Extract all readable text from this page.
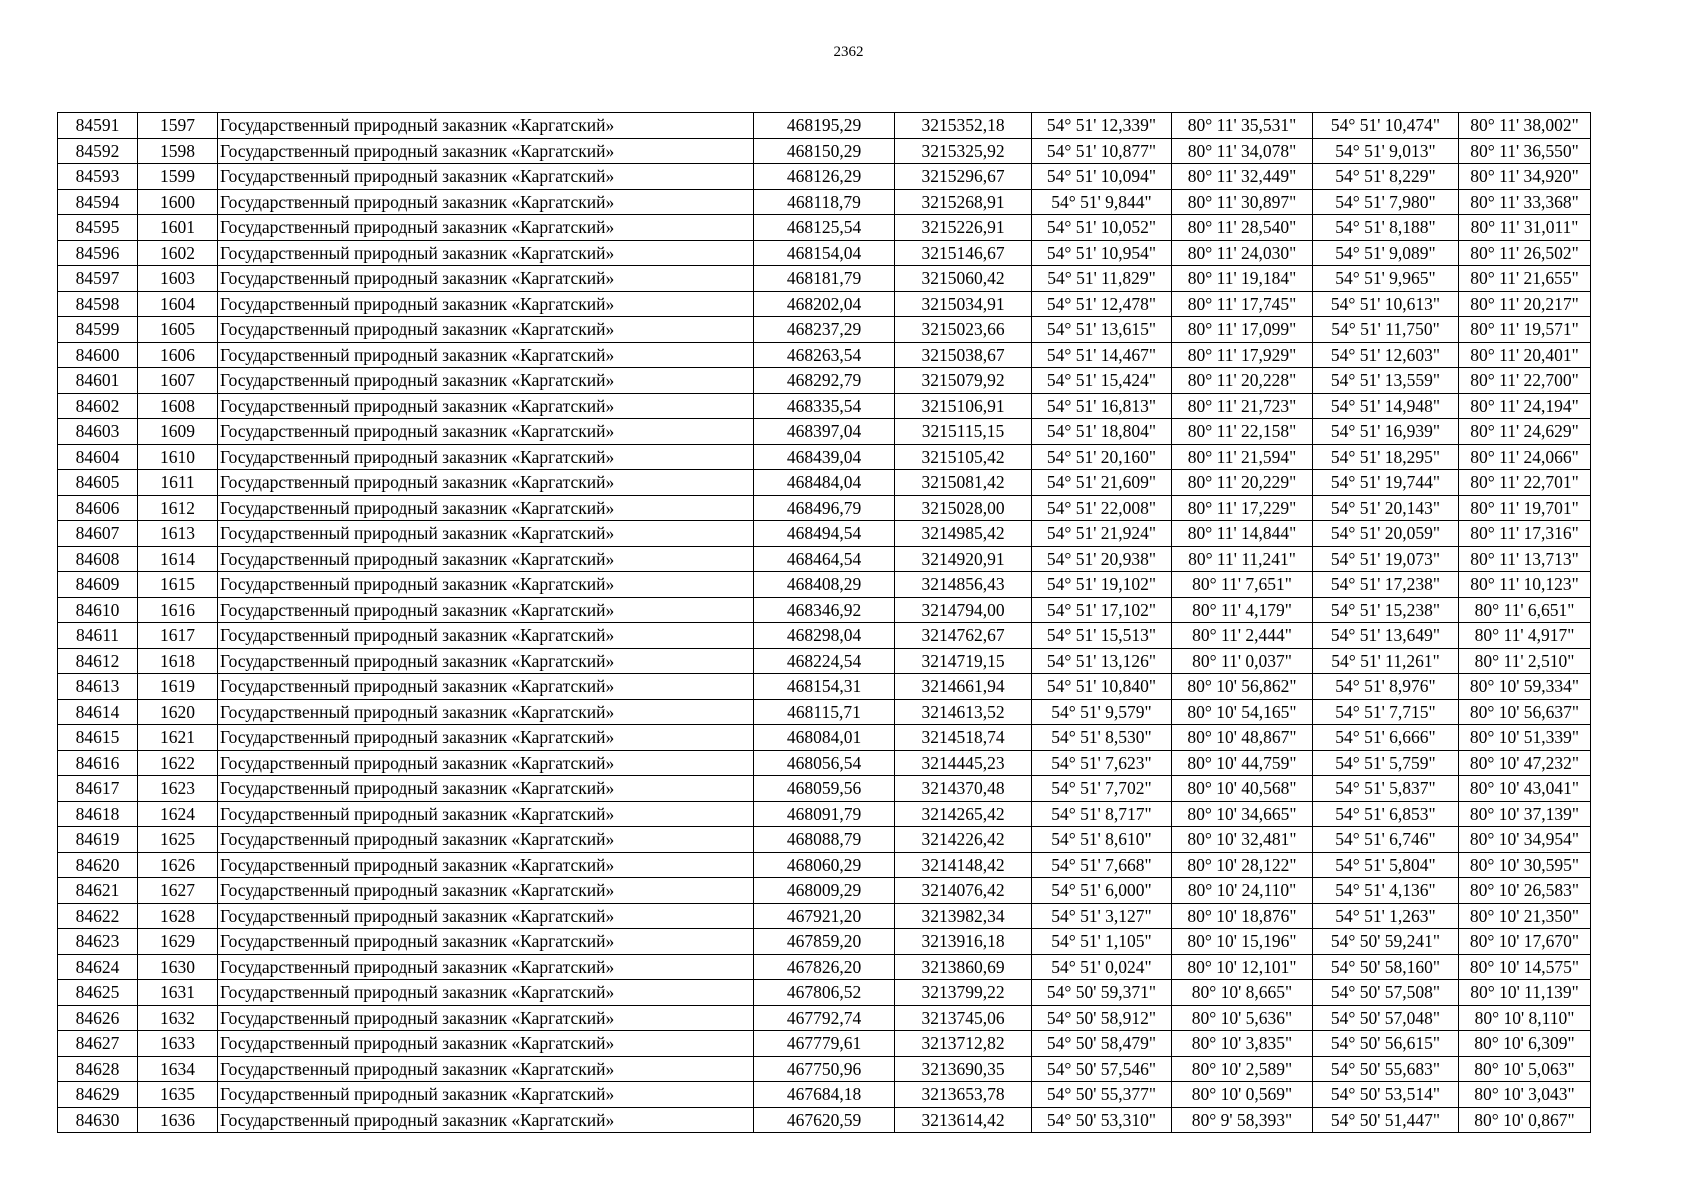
2362
84591	1597	Государственный природный заказник «Каргатский»	468195,29	3215352,18	54° 51' 12,339"	80° 11' 35,531"	54° 51' 10,474"	80° 11' 38,002"
84592	1598	Государственный природный заказник «Каргатский»	468150,29	3215325,92	54° 51' 10,877"	80° 11' 34,078"	54° 51' 9,013"	80° 11' 36,550"
84593	1599	Государственный природный заказник «Каргатский»	468126,29	3215296,67	54° 51' 10,094"	80° 11' 32,449"	54° 51' 8,229"	80° 11' 34,920"
84594	1600	Государственный природный заказник «Каргатский»	468118,79	3215268,91	54° 51' 9,844"	80° 11' 30,897"	54° 51' 7,980"	80° 11' 33,368"
84595	1601	Государственный природный заказник «Каргатский»	468125,54	3215226,91	54° 51' 10,052"	80° 11' 28,540"	54° 51' 8,188"	80° 11' 31,011"
84596	1602	Государственный природный заказник «Каргатский»	468154,04	3215146,67	54° 51' 10,954"	80° 11' 24,030"	54° 51' 9,089"	80° 11' 26,502"
84597	1603	Государственный природный заказник «Каргатский»	468181,79	3215060,42	54° 51' 11,829"	80° 11' 19,184"	54° 51' 9,965"	80° 11' 21,655"
84598	1604	Государственный природный заказник «Каргатский»	468202,04	3215034,91	54° 51' 12,478"	80° 11' 17,745"	54° 51' 10,613"	80° 11' 20,217"
84599	1605	Государственный природный заказник «Каргатский»	468237,29	3215023,66	54° 51' 13,615"	80° 11' 17,099"	54° 51' 11,750"	80° 11' 19,571"
84600	1606	Государственный природный заказник «Каргатский»	468263,54	3215038,67	54° 51' 14,467"	80° 11' 17,929"	54° 51' 12,603"	80° 11' 20,401"
84601	1607	Государственный природный заказник «Каргатский»	468292,79	3215079,92	54° 51' 15,424"	80° 11' 20,228"	54° 51' 13,559"	80° 11' 22,700"
84602	1608	Государственный природный заказник «Каргатский»	468335,54	3215106,91	54° 51' 16,813"	80° 11' 21,723"	54° 51' 14,948"	80° 11' 24,194"
84603	1609	Государственный природный заказник «Каргатский»	468397,04	3215115,15	54° 51' 18,804"	80° 11' 22,158"	54° 51' 16,939"	80° 11' 24,629"
84604	1610	Государственный природный заказник «Каргатский»	468439,04	3215105,42	54° 51' 20,160"	80° 11' 21,594"	54° 51' 18,295"	80° 11' 24,066"
84605	1611	Государственный природный заказник «Каргатский»	468484,04	3215081,42	54° 51' 21,609"	80° 11' 20,229"	54° 51' 19,744"	80° 11' 22,701"
84606	1612	Государственный природный заказник «Каргатский»	468496,79	3215028,00	54° 51' 22,008"	80° 11' 17,229"	54° 51' 20,143"	80° 11' 19,701"
84607	1613	Государственный природный заказник «Каргатский»	468494,54	3214985,42	54° 51' 21,924"	80° 11' 14,844"	54° 51' 20,059"	80° 11' 17,316"
84608	1614	Государственный природный заказник «Каргатский»	468464,54	3214920,91	54° 51' 20,938"	80° 11' 11,241"	54° 51' 19,073"	80° 11' 13,713"
84609	1615	Государственный природный заказник «Каргатский»	468408,29	3214856,43	54° 51' 19,102"	80° 11' 7,651"	54° 51' 17,238"	80° 11' 10,123"
84610	1616	Государственный природный заказник «Каргатский»	468346,92	3214794,00	54° 51' 17,102"	80° 11' 4,179"	54° 51' 15,238"	80° 11' 6,651"
84611	1617	Государственный природный заказник «Каргатский»	468298,04	3214762,67	54° 51' 15,513"	80° 11' 2,444"	54° 51' 13,649"	80° 11' 4,917"
84612	1618	Государственный природный заказник «Каргатский»	468224,54	3214719,15	54° 51' 13,126"	80° 11' 0,037"	54° 51' 11,261"	80° 11' 2,510"
84613	1619	Государственный природный заказник «Каргатский»	468154,31	3214661,94	54° 51' 10,840"	80° 10' 56,862"	54° 51' 8,976"	80° 10' 59,334"
84614	1620	Государственный природный заказник «Каргатский»	468115,71	3214613,52	54° 51' 9,579"	80° 10' 54,165"	54° 51' 7,715"	80° 10' 56,637"
84615	1621	Государственный природный заказник «Каргатский»	468084,01	3214518,74	54° 51' 8,530"	80° 10' 48,867"	54° 51' 6,666"	80° 10' 51,339"
84616	1622	Государственный природный заказник «Каргатский»	468056,54	3214445,23	54° 51' 7,623"	80° 10' 44,759"	54° 51' 5,759"	80° 10' 47,232"
84617	1623	Государственный природный заказник «Каргатский»	468059,56	3214370,48	54° 51' 7,702"	80° 10' 40,568"	54° 51' 5,837"	80° 10' 43,041"
84618	1624	Государственный природный заказник «Каргатский»	468091,79	3214265,42	54° 51' 8,717"	80° 10' 34,665"	54° 51' 6,853"	80° 10' 37,139"
84619	1625	Государственный природный заказник «Каргатский»	468088,79	3214226,42	54° 51' 8,610"	80° 10' 32,481"	54° 51' 6,746"	80° 10' 34,954"
84620	1626	Государственный природный заказник «Каргатский»	468060,29	3214148,42	54° 51' 7,668"	80° 10' 28,122"	54° 51' 5,804"	80° 10' 30,595"
84621	1627	Государственный природный заказник «Каргатский»	468009,29	3214076,42	54° 51' 6,000"	80° 10' 24,110"	54° 51' 4,136"	80° 10' 26,583"
84622	1628	Государственный природный заказник «Каргатский»	467921,20	3213982,34	54° 51' 3,127"	80° 10' 18,876"	54° 51' 1,263"	80° 10' 21,350"
84623	1629	Государственный природный заказник «Каргатский»	467859,20	3213916,18	54° 51' 1,105"	80° 10' 15,196"	54° 50' 59,241"	80° 10' 17,670"
84624	1630	Государственный природный заказник «Каргатский»	467826,20	3213860,69	54° 51' 0,024"	80° 10' 12,101"	54° 50' 58,160"	80° 10' 14,575"
84625	1631	Государственный природный заказник «Каргатский»	467806,52	3213799,22	54° 50' 59,371"	80° 10' 8,665"	54° 50' 57,508"	80° 10' 11,139"
84626	1632	Государственный природный заказник «Каргатский»	467792,74	3213745,06	54° 50' 58,912"	80° 10' 5,636"	54° 50' 57,048"	80° 10' 8,110"
84627	1633	Государственный природный заказник «Каргатский»	467779,61	3213712,82	54° 50' 58,479"	80° 10' 3,835"	54° 50' 56,615"	80° 10' 6,309"
84628	1634	Государственный природный заказник «Каргатский»	467750,96	3213690,35	54° 50' 57,546"	80° 10' 2,589"	54° 50' 55,683"	80° 10' 5,063"
84629	1635	Государственный природный заказник «Каргатский»	467684,18	3213653,78	54° 50' 55,377"	80° 10' 0,569"	54° 50' 53,514"	80° 10' 3,043"
84630	1636	Государственный природный заказник «Каргатский»	467620,59	3213614,42	54° 50' 53,310"	80° 9' 58,393"	54° 50' 51,447"	80° 10' 0,867"
